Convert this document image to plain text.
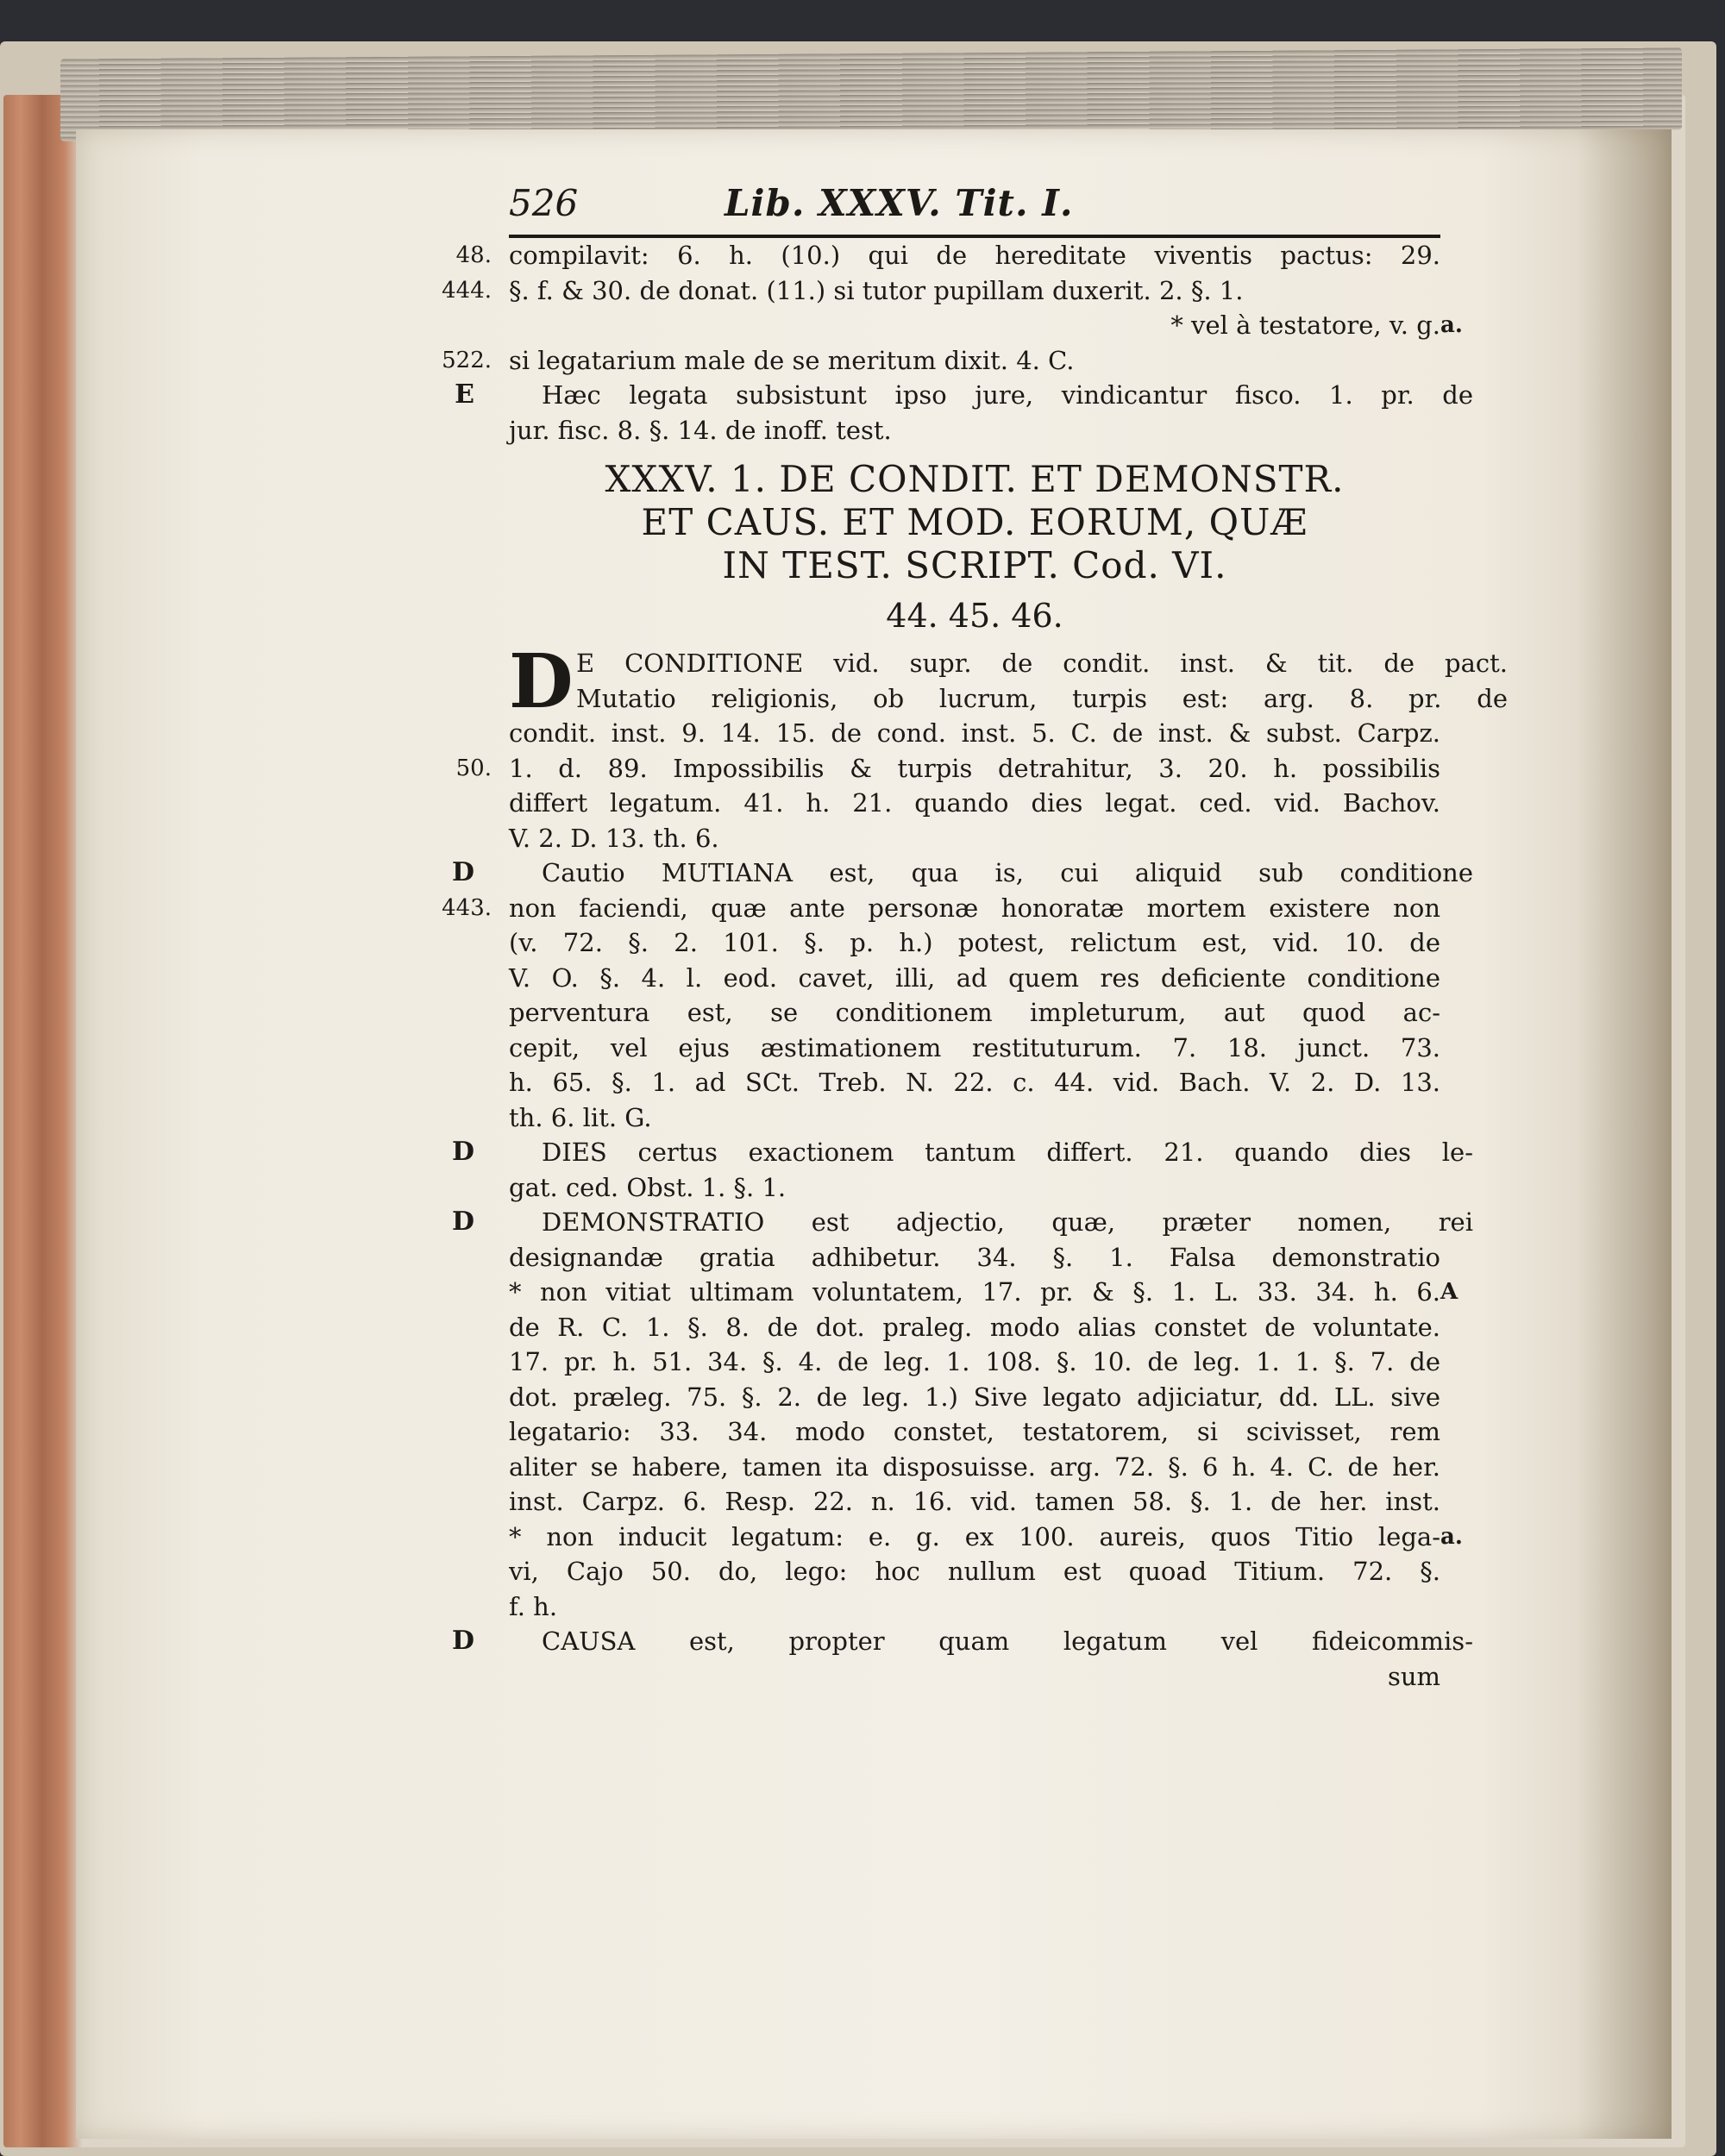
526	Lib. XXXV. Tit. I.
compilavit: 6. h. (10.) qui de hereditate viventis pactus: 29.
48.
§. f. & 30. de donat. (11.) si tutor pupillam duxerit. 2. §. 1.
444.
* vel à testatore, v. g. a.
si legatarium male de se meritum dixit. 4. C.
522.
Hæc legata subsistunt ipso jure, vindicantur fisco. 1. pr. de
E
jur. fisc. 8. §. 14. de inoff. test.
XXXV. 1. DE CONDIT. ET DEMONSTR.
ET CAUS. ET MOD. EORUM, QUÆ
IN TEST. SCRIPT. Cod. VI.
44. 45. 46.
D E CONDITIONE vid. supr. de condit. inst. & tit. de pact.
Mutatio religionis, ob lucrum, turpis est: arg. 8. pr. de
condit. inst. 9. 14. 15. de cond. inst. 5. C. de inst. & subst. Carpz.
1. d. 89. Impossibilis & turpis detrahitur, 3. 20. h. possibilis
50.
differt legatum. 41. h. 21. quando dies legat. ced. vid. Bachov.
V. 2. D. 13. th. 6.
Cautio MUTIANA est, qua is, cui aliquid sub conditione
D
non faciendi, quæ ante personæ honoratæ mortem existere non
443.
(v. 72. §. 2. 101. §. p. h.) potest, relictum est, vid. 10. de
V. O. §. 4. l. eod. cavet, illi, ad quem res deficiente conditione
perventura est, se conditionem impleturum, aut quod ac-
cepit, vel ejus æstimationem restituturum. 7. 18. junct. 73.
h. 65. §. 1. ad SCt. Treb. N. 22. c. 44. vid. Bach. V. 2. D. 13.
th. 6. lit. G.
DIES certus exactionem tantum differt. 21. quando dies le-
D
gat. ced. Obst. 1. §. 1.
DEMONSTRATIO est adjectio, quæ, præter nomen, rei
D
designandæ gratia adhibetur. 34. §. 1. Falsa demonstratio
* non vitiat ultimam voluntatem, 17. pr. & §. 1. L. 33. 34. h. 6. A
de R. C. 1. §. 8. de dot. praleg. modo alias constet de voluntate.
17. pr. h. 51. 34. §. 4. de leg. 1. 108. §. 10. de leg. 1. 1. §. 7. de
dot. præleg. 75. §. 2. de leg. 1.) Sive legato adjiciatur, dd. LL. sive
legatario: 33. 34. modo constet, testatorem, si scivisset, rem
aliter se habere, tamen ita disposuisse. arg. 72. §. 6 h. 4. C. de her.
inst. Carpz. 6. Resp. 22. n. 16. vid. tamen 58. §. 1. de her. inst.
* non inducit legatum: e. g. ex 100. aureis, quos Titio lega- a.
vi, Cajo 50. do, lego: hoc nullum est quoad Titium. 72. §.
f. h.
CAUSA est, propter quam legatum vel fideicommis-
D
sum
